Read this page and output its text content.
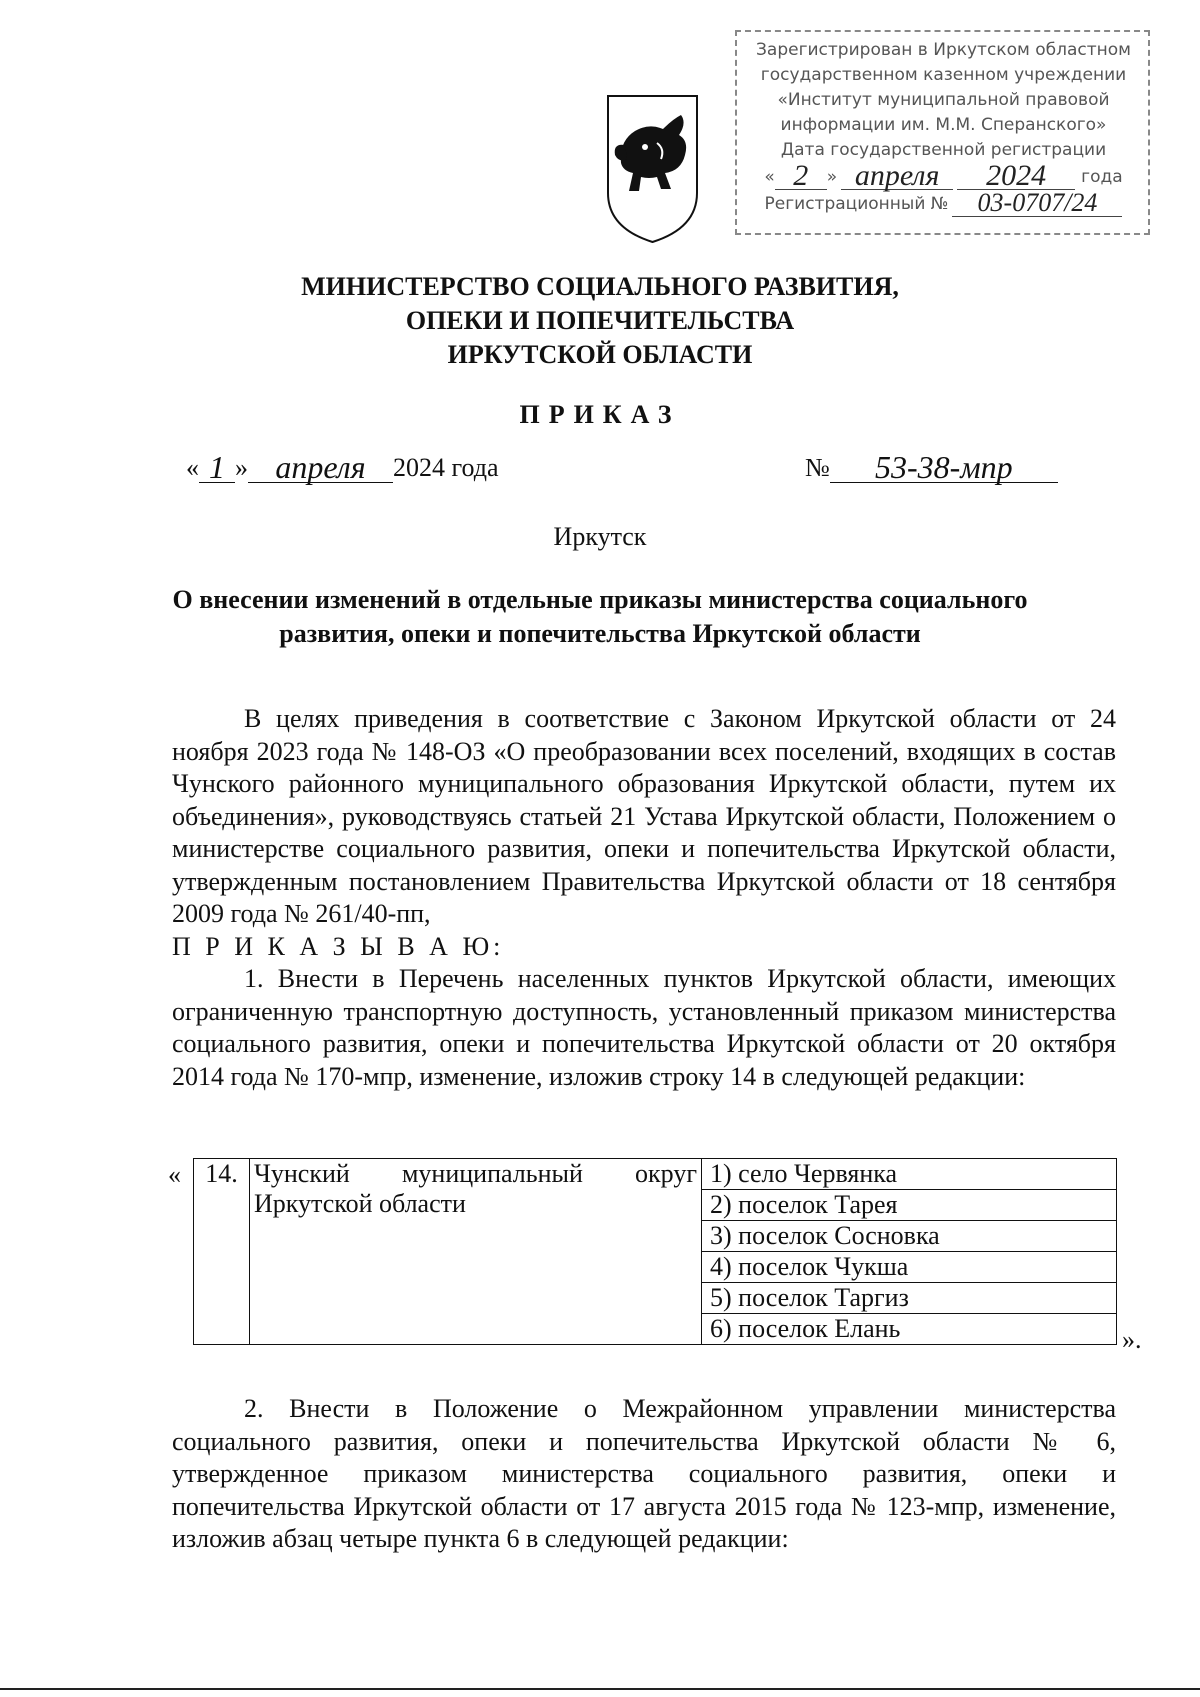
Зарегистрирован в Иркутском областном
государственном казенном учреждении
«Институт муниципальной правовой
информации им. М.М. Сперанского»
Дата государственной регистрации
« 2	» апреля	2024	года
Регистрационный №	03-0707/24
МИНИСТЕРСТВО СОЦИАЛЬНОГО РАЗВИТИЯ,
ОПЕКИ И ПОПЕЧИТЕЛЬСТВА
ИРКУТСКОЙ ОБЛАСТИ
ПРИКАЗ
« 1 » апреля	2024 года	№	53-38-мпр
Иркутск
О внесении изменений в отдельные приказы министерства социального
развития, опеки и попечительства Иркутской области

В целях приведения в соответствие с Законом Иркутской области от 24 ноября 2023 года № 148-ОЗ «О преобразовании всех поселений, входящих в состав Чунского районного муниципального образования Иркутской области, путем их объединения», руководствуясь статьей 21 Устава Иркутской области, Положением о министерстве социального развития, опеки и попечительства Иркутской области, утвержденным постановлением Правительства Иркутской области от 18 сентября 2009 года № 261/40-пп,

П Р И К А З Ы В А Ю:

1. Внести в Перечень населенных пунктов Иркутской области, имеющих ограниченную транспортную доступность, установленный приказом министерства социального развития, опеки и попечительства Иркутской области от 20 октября 2014 года № 170-мпр, изменение, изложив строку 14 в следующей редакции:

« 14.	Чунский муниципальный округ
Иркутской области	1) село Червянка
2) поселок Тарея
3) поселок Сосновка
4) поселок Чукша
5) поселок Таргиз
6) поселок Елань	».

2. Внести в Положение о Межрайонном управлении министерства социального развития, опеки и попечительства Иркутской области № 6, утвержденное приказом министерства социального развития, опеки и попечительства Иркутской области от 17 августа 2015 года № 123-мпр, изменение, изложив абзац четыре пункта 6 в следующей редакции:
